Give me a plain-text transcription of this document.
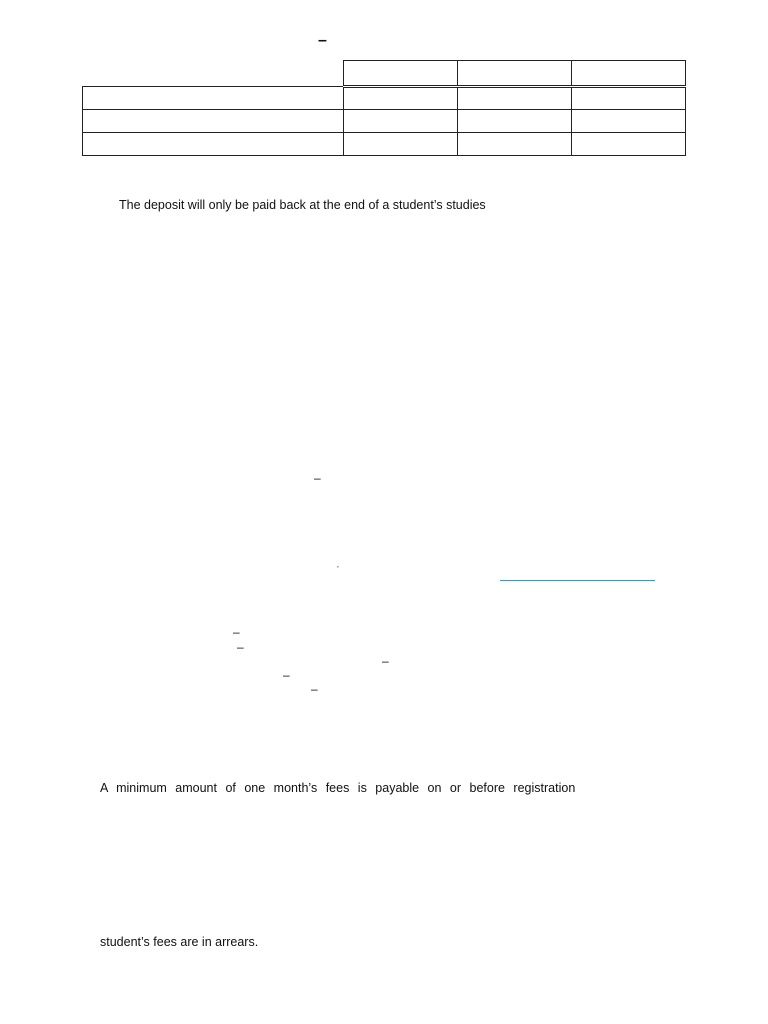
–

The deposit will only be paid back at the end of a student’s studies
–
’
–
–
–
–
–
A minimum amount of one month’s fees is payable on or before registration
student’s fees are in arrears.
